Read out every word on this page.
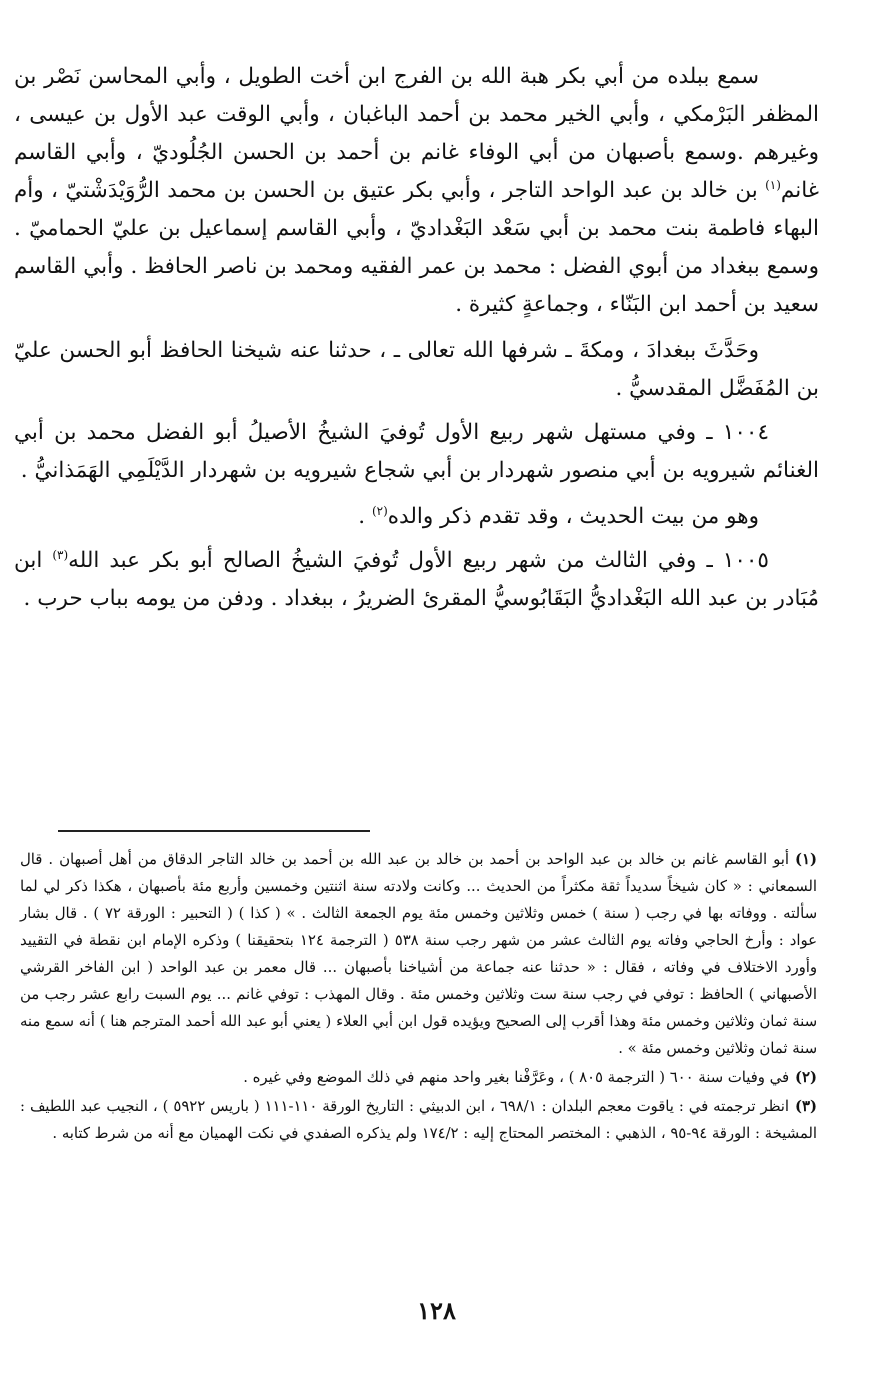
سمع ببلده من أبي بكر هبة الله بن الفرج ابن أخت الطويل ، وأبي المحاسن نَصْر بن المظفر البَرْمكي ، وأبي الخير محمد بن أحمد الباغبان ، وأبي الوقت عبد الأول بن عيسى ، وغيرهم .وسمع بأصبهان من أبي الوفاء غانم بن أحمد بن الحسن الجُلُوديّ ، وأبي القاسم غانم$^{(١)}$ بن خالد بن عبد الواحد التاجر ، وأبي بكر عتيق بن الحسن بن محمد الرُّوَيْدَشْتيّ ، وأم البهاء فاطمة بنت محمد بن أبي سَعْد البَغْداديّ ، وأبي القاسم إسماعيل بن عليّ الحماميّ . وسمع ببغداد من أبوي الفضل : محمد بن عمر الفقيه ومحمد بن ناصر الحافظ . وأبي القاسم سعيد بن أحمد ابن البَنّاء ، وجماعةٍ كثيرة .

وحَدَّثَ ببغدادَ ، ومكةَ ـ شرفها الله تعالى ـ ، حدثنا عنه شيخنا الحافظ أبو الحسن عليّ بن المُفَضَّل المقدسيُّ .

١٠٠٤ ـ وفي مستهل شهر ربيع الأول تُوفيَ الشيخُ الأصيلُ أبو الفضل محمد بن أبي الغنائم شيرويه بن أبي منصور شهردار بن أبي شجاع شيرويه بن شهردار الدَّيْلَمِي الهَمَذانيُّ .

وهو من بيت الحديث ، وقد تقدم ذكر والده$^{(٢)}$ .

١٠٠٥ ـ وفي الثالث من شهر ربيع الأول تُوفيَ الشيخُ الصالح أبو بكر عبد الله$^{(٣)}$ ابن مُبَادر بن عبد الله البَغْداديُّ البَقَابُوسيُّ المقرئ الضريرُ ، ببغداد . ودفن من يومه بباب حرب .

(١)أبو القاسم غانم بن خالد بن عبد الواحد بن أحمد بن خالد بن عبد الله بن أحمد بن خالد التاجر الدقاق من أهل أصبهان . قال السمعاني : « كان شيخاً سديداً ثقة مكثراً من الحديث ... وكانت ولادته سنة اثنتين وخمسين وأربع مئة بأصبهان ، هكذا ذكر لي لما سألته . ووفاته بها في رجب ( سنة ) خمس وثلاثين وخمس مئة يوم الجمعة الثالث . » ( كذا ) ( التحبير : الورقة ٧٢ ) . قال بشار عواد : وأرخ الحاجي وفاته يوم الثالث عشر من شهر رجب سنة ٥٣٨ ( الترجمة ١٢٤ بتحقيقنا ) وذكره الإمام ابن نقطة في التقييد وأورد الاختلاف في وفاته ، فقال : « حدثنا عنه جماعة من أشياخنا بأصبهان ... قال معمر بن عبد الواحد ( ابن الفاخر القرشي الأصبهاني ) الحافظ : توفي في رجب سنة ست وثلاثين وخمس مئة . وقال المهذب : توفي غانم ... يوم السبت رابع عشر رجب من سنة ثمان وثلاثين وخمس مئة وهذا أقرب إلى الصحيح ويؤيده قول ابن أبي العلاء ( يعني أبو عبد الله أحمد المترجم هنا ) أنه سمع منه سنة ثمان وثلاثين وخمس مئة » .

(٢)في وفيات سنة ٦٠٠ ( الترجمة ٨٠٥ ) ، وعَرَّفْنا بغير واحد منهم في ذلك الموضع وفي غيره .

(٣)انظر ترجمته في : ياقوت معجم البلدان : ٦٩٨/١ ، ابن الدبيثي : التاريخ الورقة ١١٠-١١١ ( باريس ٥٩٢٢ ) ، النجيب عبد اللطيف : المشيخة : الورقة ٩٤-٩٥ ، الذهبي : المختصر المحتاج إليه : ١٧٤/٢ ولم يذكره الصفدي في نكت الهميان مع أنه من شرط كتابه .

١٢٨
